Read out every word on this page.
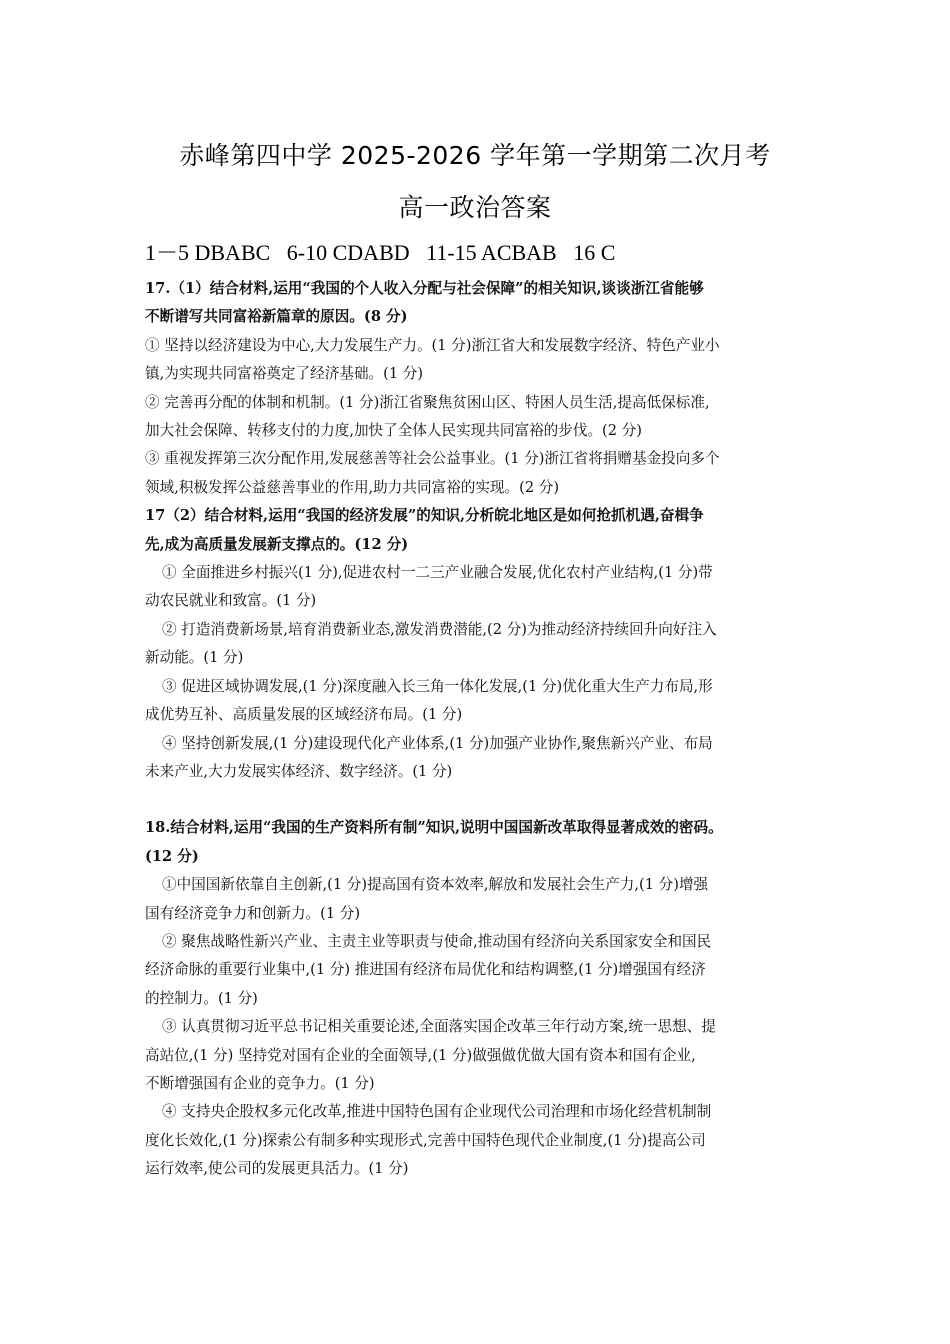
赤峰第四中学 2025-2026 学年第一学期第二次月考
高一政治答案
1－5 DBABC   6-10 CDABD   11-15 ACBAB   16 C
17.（1）结合材料,运用“我国的个人收入分配与社会保障”的相关知识,谈谈浙江省能够
不断谱写共同富裕新篇章的原因。(8 分)
① 坚持以经济建设为中心,大力发展生产力。(1 分)浙江省大和发展数字经济、特色产业小
镇,为实现共同富裕奠定了经济基础。(1 分)
② 完善再分配的体制和机制。(1 分)浙江省聚焦贫困山区、特困人员生活,提高低保标准,
加大社会保障、转移支付的力度,加快了全体人民实现共同富裕的步伐。(2 分)
③ 重视发挥第三次分配作用,发展慈善等社会公益事业。(1 分)浙江省将捐赠基金投向多个
领域,积极发挥公益慈善事业的作用,助力共同富裕的实现。(2 分)
17（2）结合材料,运用“我国的经济发展”的知识,分析皖北地区是如何抢抓机遇,奋楫争
先,成为高质量发展新支撑点的。(12 分)
① 全面推进乡村振兴(1 分),促进农村一二三产业融合发展,优化农村产业结构,(1 分)带
动农民就业和致富。(1 分)
② 打造消费新场景,培育消费新业态,激发消费潜能,(2 分)为推动经济持续回升向好注入
新动能。(1 分)
③ 促进区域协调发展,(1 分)深度融入长三角一体化发展,(1 分)优化重大生产力布局,形
成优势互补、高质量发展的区域经济布局。(1 分)
④ 坚持创新发展,(1 分)建设现代化产业体系,(1 分)加强产业协作,聚焦新兴产业、布局
未来产业,大力发展实体经济、数字经济。(1 分)
18.结合材料,运用“我国的生产资料所有制”知识,说明中国国新改革取得显著成效的密码。
(12 分)
①中国国新依靠自主创新,(1 分)提高国有资本效率,解放和发展社会生产力,(1 分)增强
国有经济竞争力和创新力。(1 分)
② 聚焦战略性新兴产业、主责主业等职责与使命,推动国有经济向关系国家安全和国民
经济命脉的重要行业集中,(1 分) 推进国有经济布局优化和结构调整,(1 分)增强国有经济
的控制力。(1 分)
③ 认真贯彻习近平总书记相关重要论述,全面落实国企改革三年行动方案,统一思想、提
高站位,(1 分) 坚持党对国有企业的全面领导,(1 分)做强做优做大国有资本和国有企业,
不断增强国有企业的竞争力。(1 分)
④ 支持央企股权多元化改革,推进中国特色国有企业现代公司治理和市场化经营机制制
度化长效化,(1 分)探索公有制多种实现形式,完善中国特色现代企业制度,(1 分)提高公司
运行效率,使公司的发展更具活力。(1 分)
